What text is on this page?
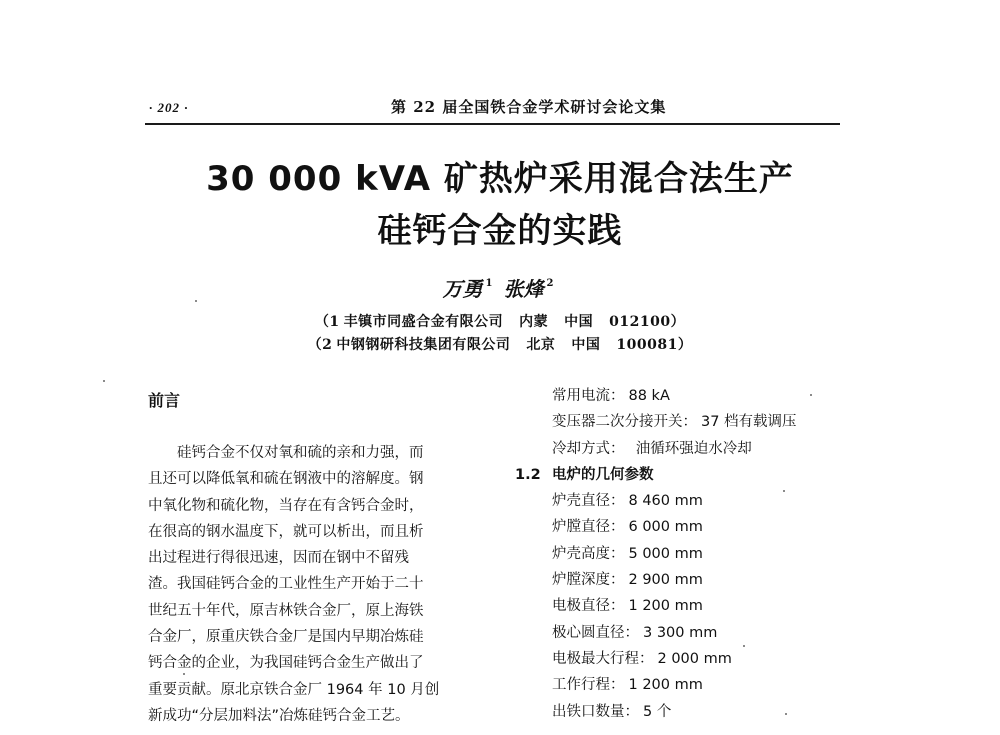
· 202 ·	第 22 届全国铁合金学术研讨会论文集
30 000 kVA 矿热炉采用混合法生产
硅钙合金的实践
万勇 $^1$ 张烽 $^2$
（1 丰镇市同盛合金有限公司 内蒙 中国 012100）
（2 中钢钢研科技集团有限公司 北京 中国 100081）
前言
　　硅钙合金不仅对氧和硫的亲和力强，而
且还可以降低氧和硫在钢液中的溶解度。钢
中氧化物和硫化物，当存在有含钙合金时，
在很高的钢水温度下，就可以析出，而且析
出过程进行得很迅速，因而在钢中不留残
渣。我国硅钙合金的工业性生产开始于二十
世纪五十年代，原吉林铁合金厂，原上海铁
合金厂，原重庆铁合金厂是国内早期冶炼硅
钙合金的企业，为我国硅钙合金生产做出了
重要贡献。原北京铁合金厂 1964 年 10 月创
新成功“分层加料法”冶炼硅钙合金工艺。
常用电流： 88 kA
变压器二次分接开关： 37 档有载调压
冷却方式：　油循环强迫水冷却
1.2 电炉的几何参数
炉壳直径： 8 460 mm
炉膛直径： 6 000 mm
炉壳高度： 5 000 mm
炉膛深度： 2 900 mm
电极直径： 1 200 mm
极心圆直径： 3 300 mm
电极最大行程： 2 000 mm
工作行程： 1 200 mm
出铁口数量： 5 个
